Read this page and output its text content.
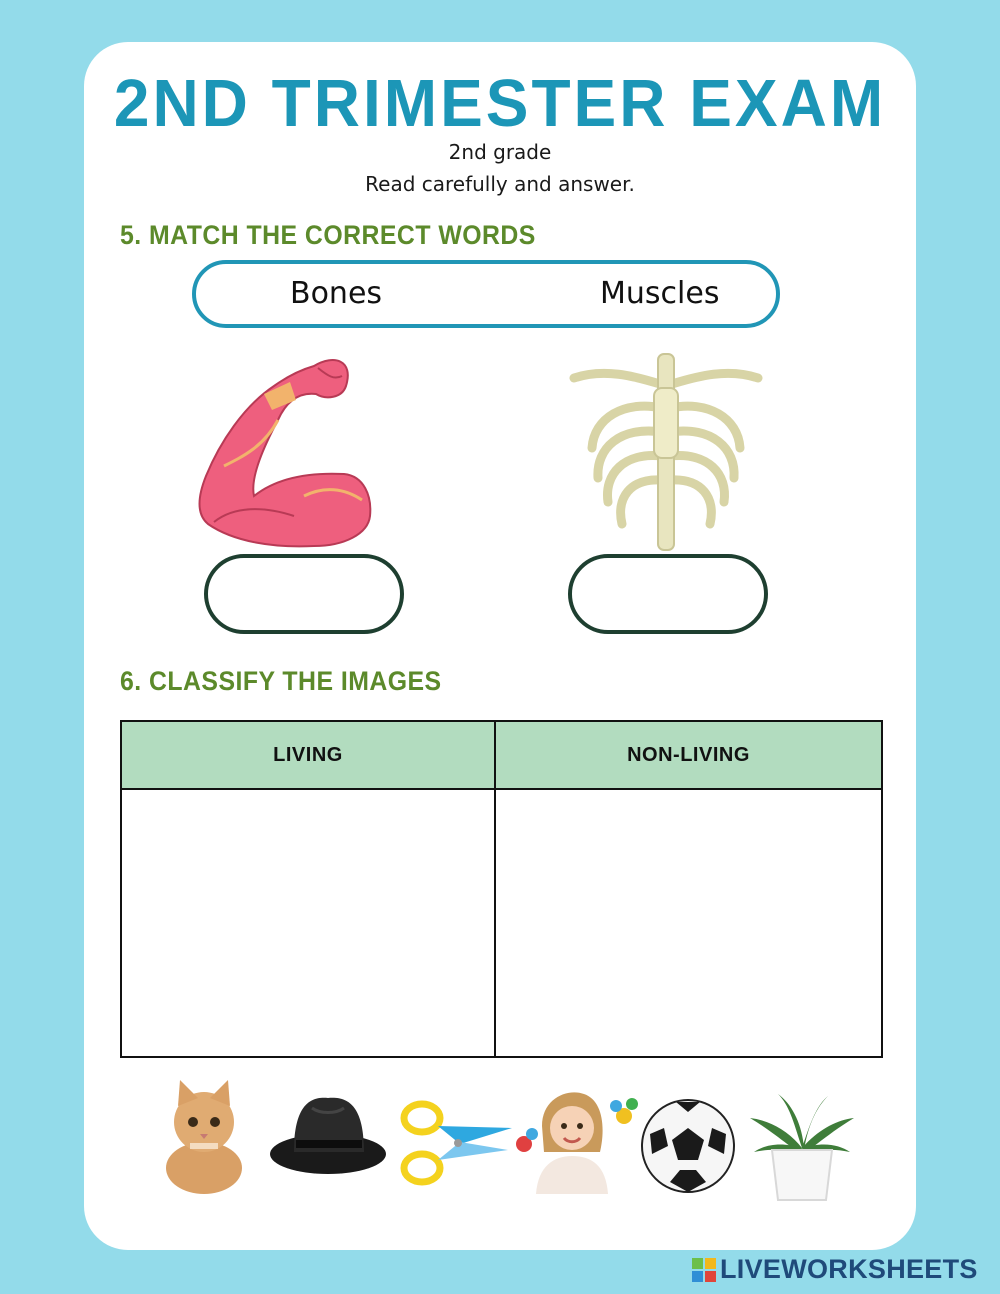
2ND TRIMESTER EXAM
2nd grade
Read carefully and answer.
5. MATCH THE CORRECT WORDS
Bones	Muscles
6. CLASSIFY THE IMAGES
LIVING	NON-LIVING

LIVEWORKSHEETS
